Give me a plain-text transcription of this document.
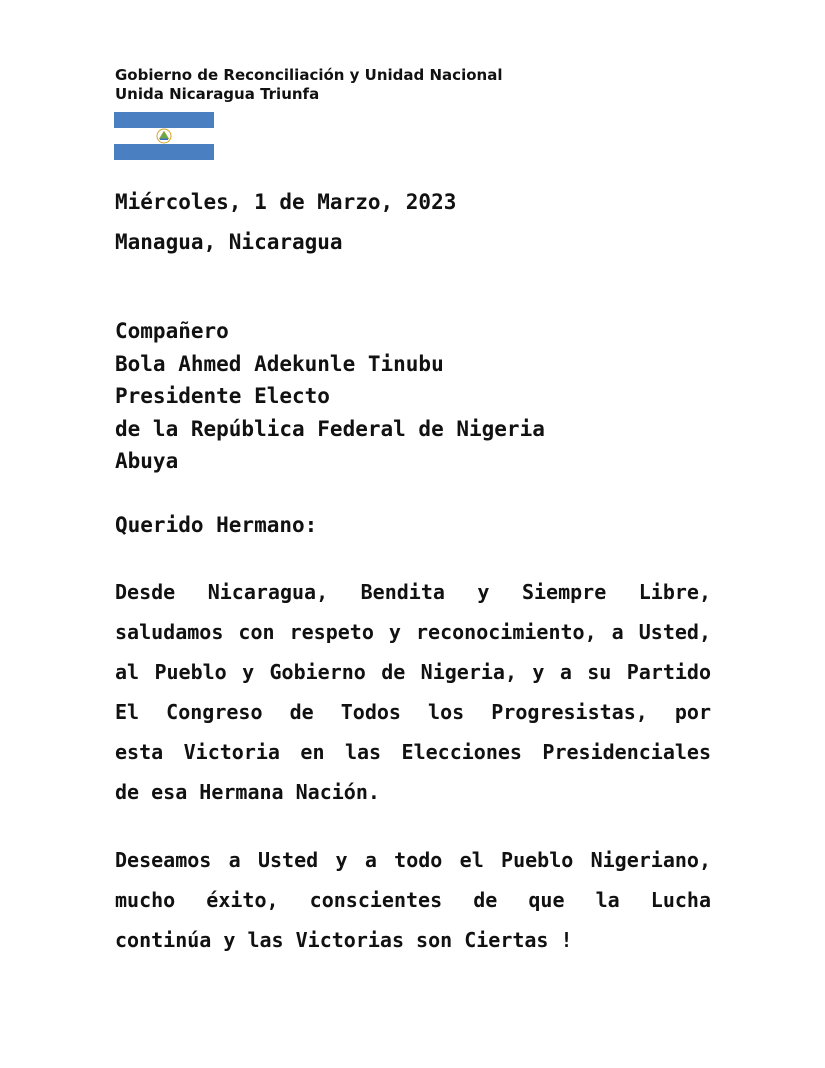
Gobierno de Reconciliación y Unidad Nacional
Unida Nicaragua Triunfa
Miércoles, 1 de Marzo, 2023
Managua, Nicaragua
Compañero
Bola Ahmed Adekunle Tinubu
Presidente Electo
de la República Federal de Nigeria
Abuya
Querido Hermano:
Desde Nicaragua, Bendita y Siempre Libre,
saludamos con respeto y reconocimiento, a Usted,
al Pueblo y Gobierno de Nigeria, y a su Partido
El Congreso de Todos los Progresistas, por
esta Victoria en las Elecciones Presidenciales
de esa Hermana Nación.
Deseamos a Usted y a todo el Pueblo Nigeriano,
mucho éxito, conscientes de que la Lucha
continúa y las Victorias son Ciertas !
